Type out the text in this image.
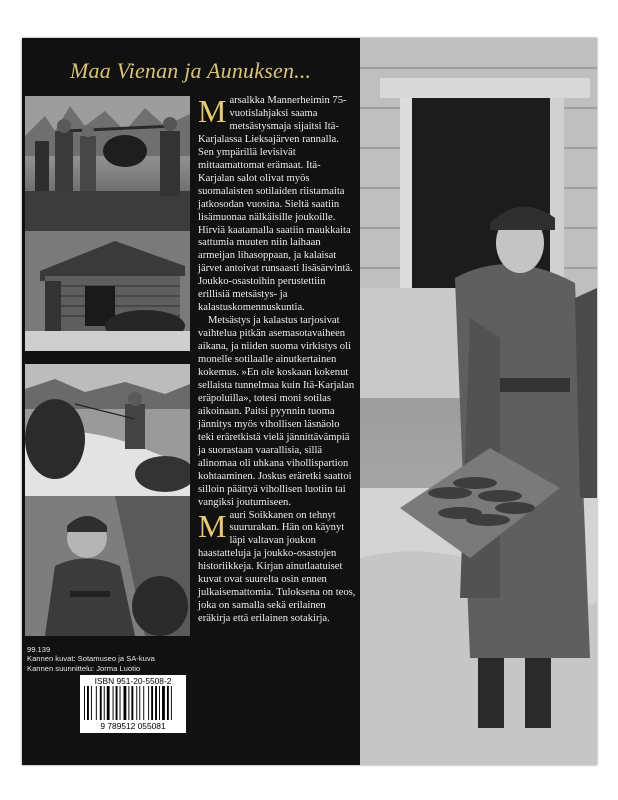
Maa Vienan ja Aunuksen...

Marsalkka Mannerheimin 75-vuotislahjaksi saama metsästysmaja sijaitsi Itä-Karjalassa Lieksajärven rannalla. Sen ympärillä levisivät mittaamattomat erämaat. Itä-Karjalan salot olivat myös suomalaisten sotilaiden riistamaita jatkosodan vuosina. Sieltä saatiin lisämuonaa nälkäisille joukoille. Hirviä kaatamalla saatiin maukkaita sattumia muuten niin laihaan armeijan lihasoppaan, ja kalaisat järvet antoivat runsaasti lisäsärvintä. Joukko-osastoihin perustettiin erillisiä metsästys- ja kalastuskomennuskuntia.

Metsästys ja kalastus tarjosivat vaihtelua pitkän asemasotavaiheen aikana, ja niiden suoma virkistys oli monelle sotilaalle ainutkertainen kokemus. »En ole koskaan kokenut sellaista tunnelmaa kuin Itä-Karjalan eräpoluilla», totesi moni sotilas aikoinaan. Paitsi pyynnin tuoma jännitys myös vihollisen läsnäolo teki eräretkistä vielä jännittävämpiä ja suorastaan vaarallisia, sillä alinomaa oli uhkana vihollispartion kohtaaminen. Joskus eräretki saattoi silloin päättyä vihollisen luotiin tai vangiksi joutumiseen.

Mauri Soikkanen on tehnyt suururakan. Hän on käynyt läpi valtavan joukon haastatteluja ja joukko-osastojen historiikkeja. Kirjan ainutlaatuiset kuvat ovat suurelta osin ennen julkaisemattomia. Tuloksena on teos, joka on samalla sekä erilainen eräkirja että erilainen sotakirja.

99.139
Kannen kuvat: Sotamuseo ja SA-kuva
Kannen suunnittelu: Jorma Luotio
ISBN 951-20-5508-2
9 789512 055081
